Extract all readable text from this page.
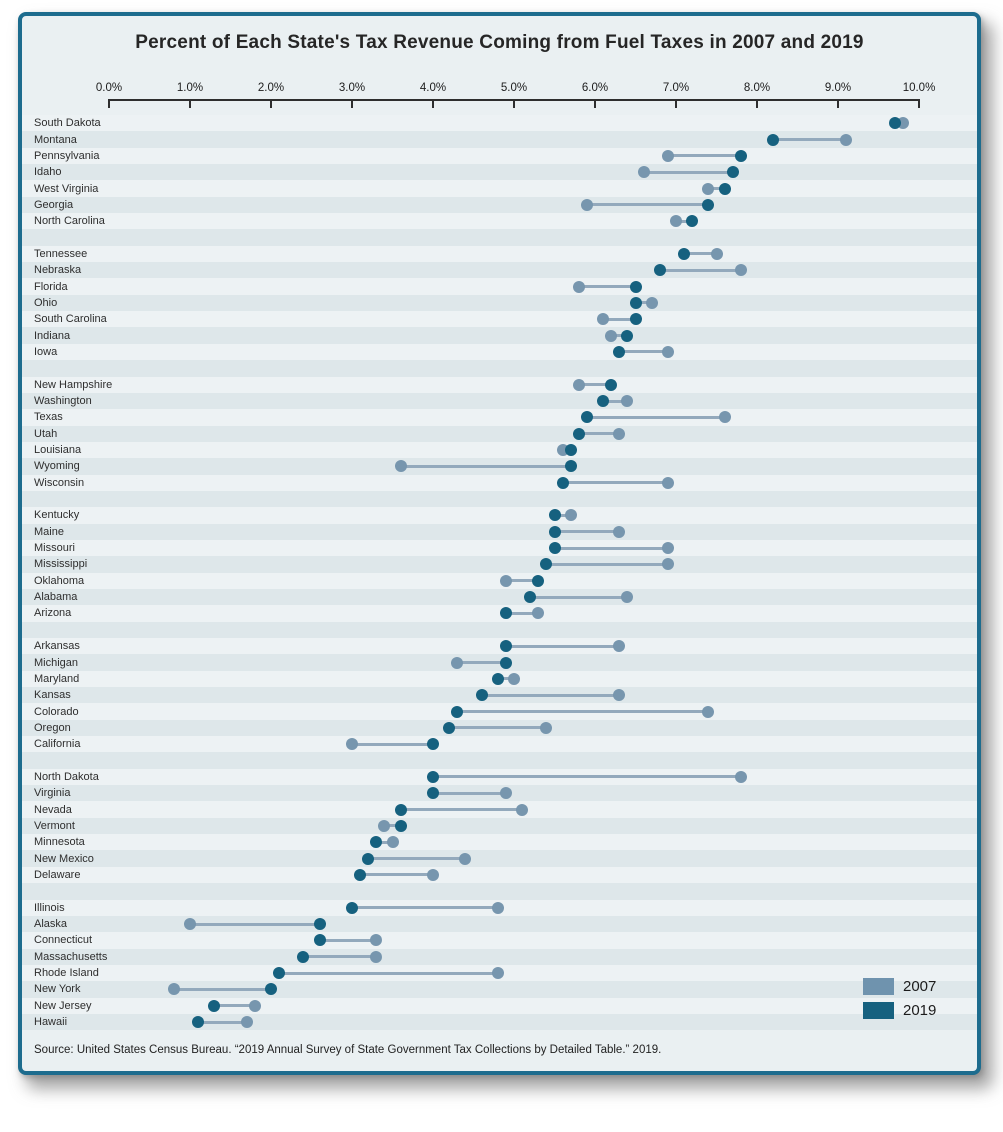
Percent of Each State's Tax Revenue Coming from Fuel Taxes in 2007 and 2019
0.0%	1.0%	2.0%	3.0%	4.0%	5.0%	6.0%	7.0%	8.0%	9.0%	10.0%
South Dakota
Montana
Pennsylvania
Idaho
West Virginia
Georgia
North Carolina
Tennessee
Nebraska
Florida
Ohio
South Carolina
Indiana
Iowa
New Hampshire
Washington
Texas
Utah
Louisiana
Wyoming
Wisconsin
Kentucky
Maine
Missouri
Mississippi
Oklahoma
Alabama
Arizona
Arkansas
Michigan
Maryland
Kansas
Colorado
Oregon
California
North Dakota
Virginia
Nevada
Vermont
Minnesota
New Mexico
Delaware
Illinois
Alaska
Connecticut
Massachusetts
Rhode Island
New York
New Jersey
Hawaii
2007
2019
Source: United States Census Bureau. “2019 Annual Survey of State Government Tax Collections by Detailed Table.” 2019.
